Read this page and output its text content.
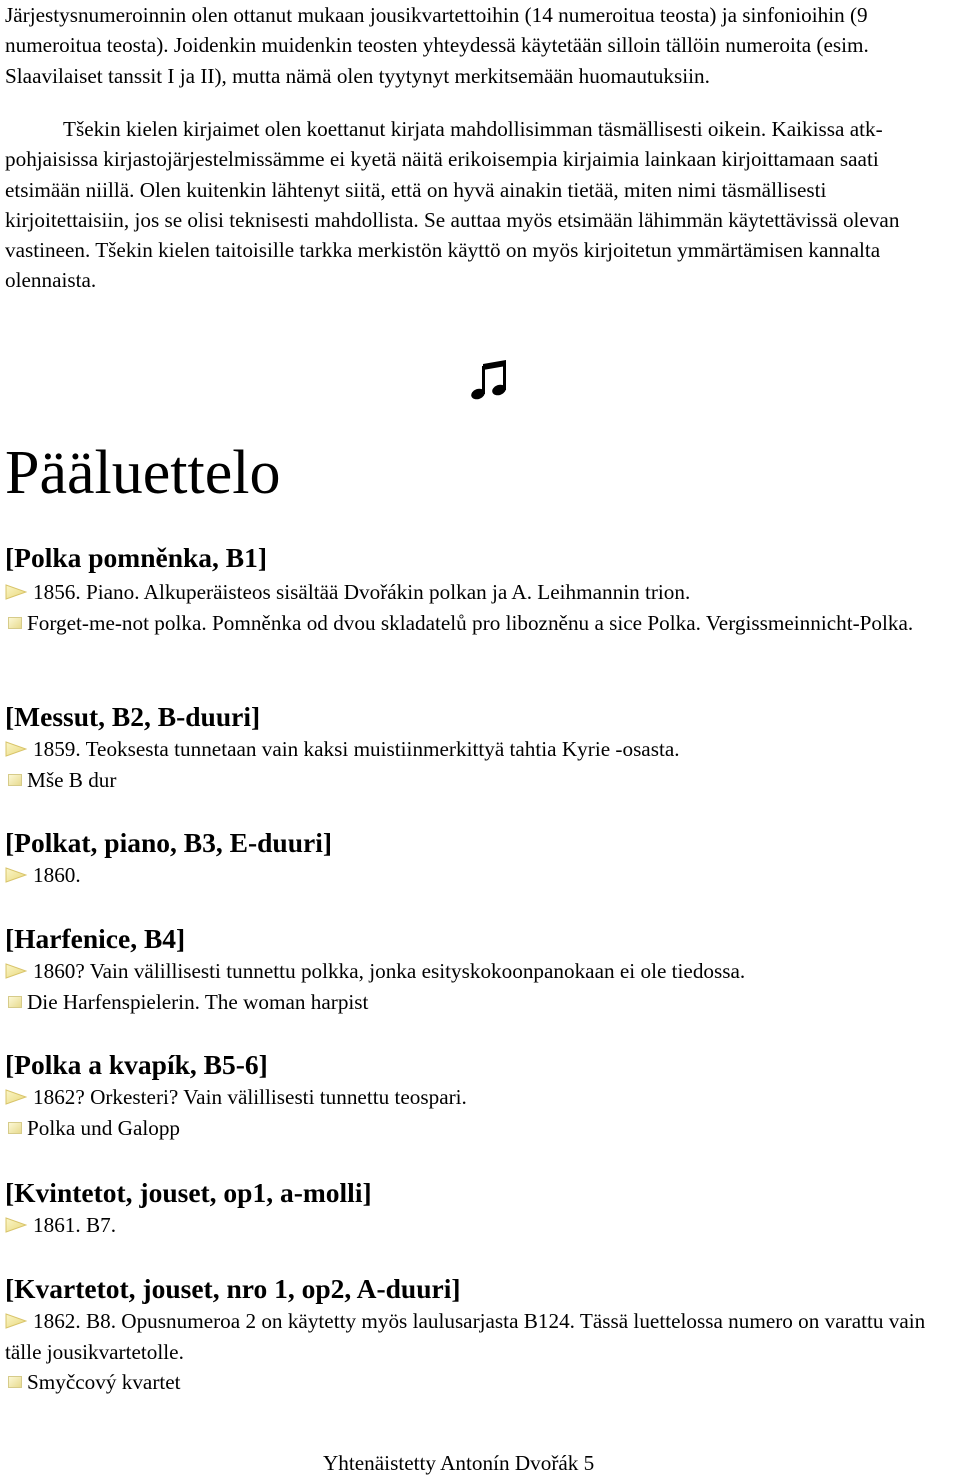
Järjestysnumeroinnin olen ottanut mukaan jousikvartettoihin (14 numeroitua teosta) ja sinfonioihin (9 numeroitua teosta). Joidenkin muidenkin teosten yhteydessä käytetään silloin tällöin numeroita (esim. Slaavilaiset tanssit I ja II), mutta nämä olen tyytynyt merkitsemään huomautuksiin.

Tšekin kielen kirjaimet olen koettanut kirjata mahdollisimman täsmällisesti oikein. Kaikissa atk-pohjaisissa kirjastojärjestelmissämme ei kyetä näitä erikoisempia kirjaimia lainkaan kirjoittamaan saati etsimään niillä. Olen kuitenkin lähtenyt siitä, että on hyvä ainakin tietää, miten nimi täsmällisesti kirjoitettaisiin, jos se olisi teknisesti mahdollista. Se auttaa myös etsimään lähimmän käytettävissä olevan vastineen. Tšekin kielen taitoisille tarkka merkistön käyttö on myös kirjoitetun ymmärtämisen kannalta olennaista.

Pääluettelo
[Polka pomněnka, B1]

1856. Piano. Alkuperäisteos sisältää Dvořákin polkan ja A. Leihmannin trion.

Forget-me-not polka. Pomněnka od dvou skladatelů pro libozněnu a sice Polka. Vergissmeinnicht-Polka.

[Messut, B2, B-duuri]

1859. Teoksesta tunnetaan vain kaksi muistiinmerkittyä tahtia Kyrie -osasta.

Mše B dur

[Polkat, piano, B3, E-duuri]

1860.

[Harfenice, B4]

1860? Vain välillisesti tunnettu polkka, jonka esityskokoonpanokaan ei ole tiedossa.

Die Harfenspielerin. The woman harpist

[Polka a kvapík, B5-6]

1862? Orkesteri? Vain välillisesti tunnettu teospari.

Polka und Galopp

[Kvintetot, jouset, op1, a-molli]

1861. B7.

[Kvartetot, jouset, nro 1, op2, A-duuri]

1862. B8. Opusnumeroa 2 on käytetty myös laulusarjasta B124. Tässä luettelossa numero on varattu vain tälle jousikvartetolle.

Smyčcový kvartet

Yhtenäistetty Antonín Dvořák 5
